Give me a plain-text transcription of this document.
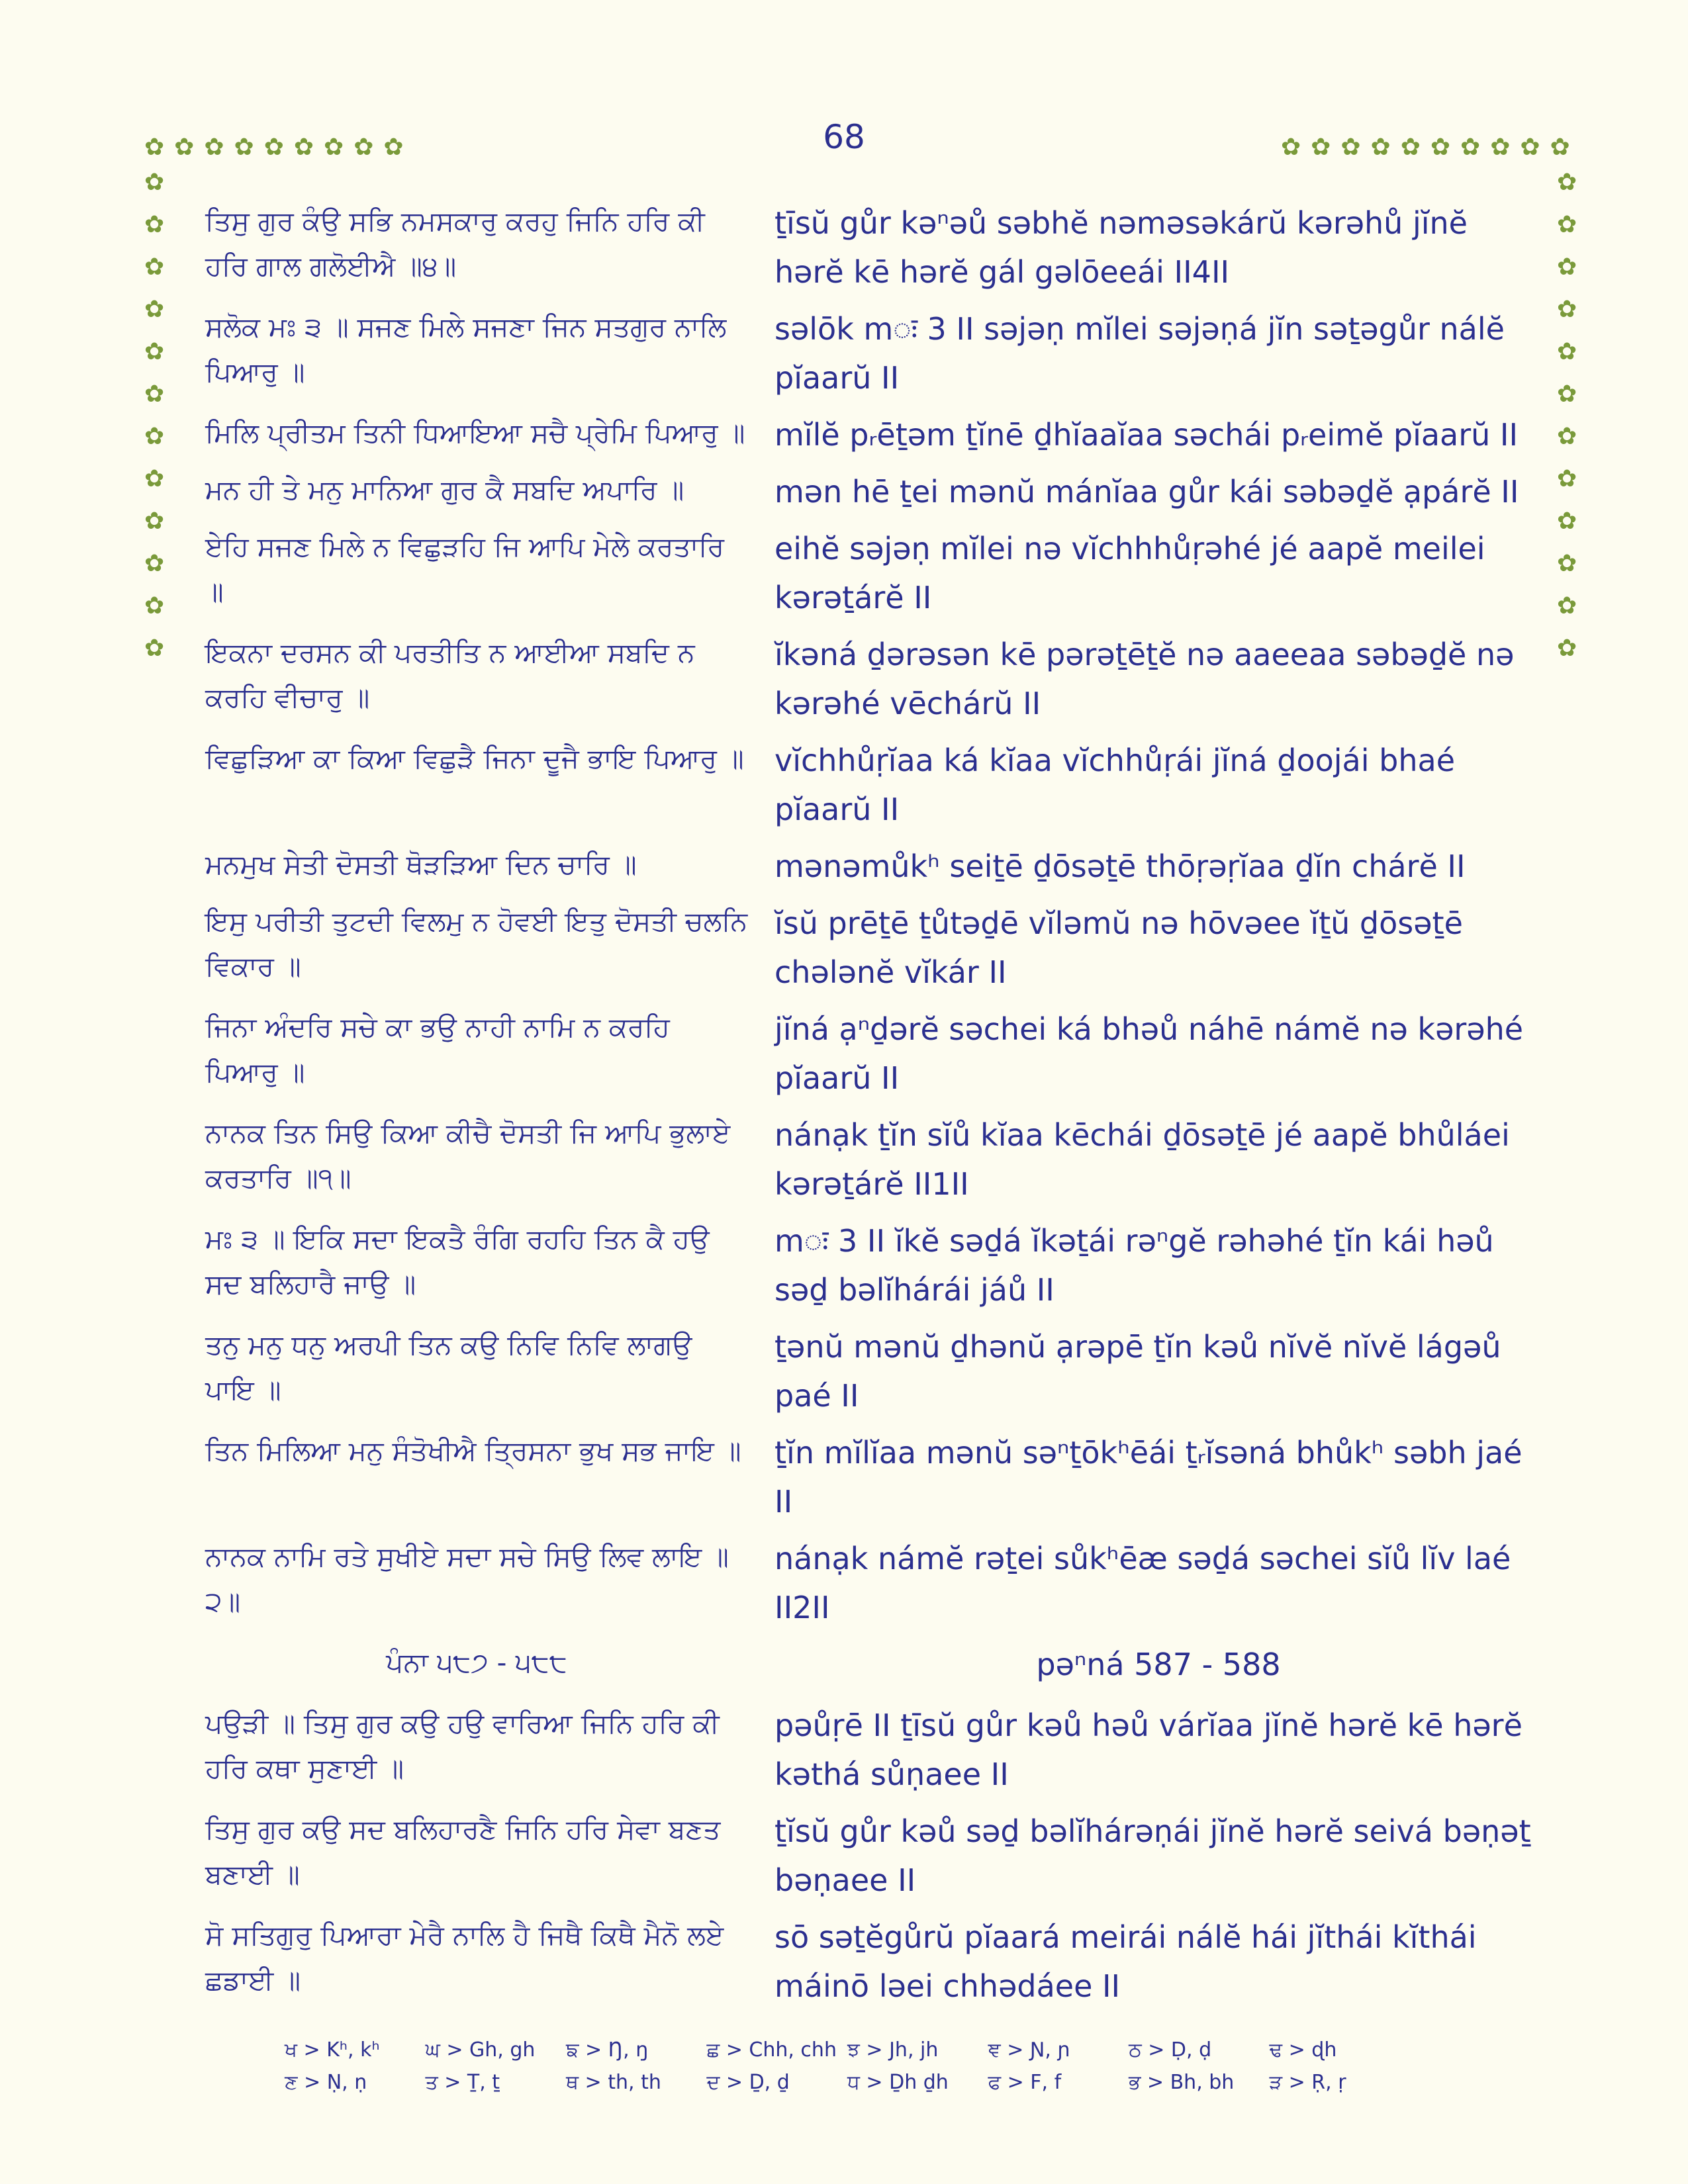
68
✿ ✿ ✿ ✿ ✿ ✿ ✿ ✿ ✿	✿ ✿ ✿ ✿ ✿ ✿ ✿ ✿ ✿ ✿
✿
✿
✿
✿
✿
✿
✿
✿
✿
✿
✿
✿
✿
✿
✿
✿
✿
✿
✿
✿
✿
✿
✿
✿
ਤਿਸੁ ਗੁਰ ਕੰਉ ਸਭਿ ਨਮਸਕਾਰੁ ਕਰਹੁ ਜਿਨਿ ਹਰਿ ਕੀ ਹਰਿ ਗਾਲ ਗਲੋਈਐ ॥੪॥
ṯīsŭ gůr kəⁿəů səbhĕ nəməsəkárŭ kərəhů jĭnĕ hərĕ kē hərĕ gál gəlōeeái II4II
ਸਲੋਕ ਮਃ ੩ ॥ ਸਜਣ ਮਿਲੇ ਸਜਣਾ ਜਿਨ ਸਤਗੁਰ ਨਾਲਿ ਪਿਆਰੁ ॥
səlōk mः 3 II səjəṇ mĭlei səjəṇá jĭn səṯəgůr nálĕ pĭaarŭ II
ਮਿਲਿ ਪ੍ਰੀਤਮ ਤਿਨੀ ਧਿਆਇਆ ਸਚੈ ਪ੍ਰੇਮਿ ਪਿਆਰੁ ॥ mĭlĕ pᵣēṯəm ṯĭnē ḏhĭaaĭaa səchái pᵣeimĕ pĭaarŭ II
ਮਨ ਹੀ ਤੇ ਮਨੁ ਮਾਨਿਆ ਗੁਰ ਕੈ ਸਬਦਿ ਅਪਾਰਿ ॥	mən hē ṯei mənŭ mánĭaa gůr kái səbəḏĕ ạpárĕ II
ਏਹਿ ਸਜਣ ਮਿਲੇ ਨ ਵਿਛੁੜਹਿ ਜਿ ਆਪਿ ਮੇਲੇ ਕਰਤਾਰਿ ॥
eihĕ səjəṇ mĭlei nə vĭchhhůṛəhé jé aapĕ meilei kərəṯárĕ II
ਇਕਨਾ ਦਰਸਨ ਕੀ ਪਰਤੀਤਿ ਨ ਆਈਆ ਸਬਦਿ ਨ ਕਰਹਿ ਵੀਚਾਰੁ ॥
ĭkəná ḏərəsən kē pərəṯēṯĕ nə aaeeaa səbəḏĕ nə kərəhé vēchárŭ II
ਵਿਛੁੜਿਆ ਕਾ ਕਿਆ ਵਿਛੁੜੈ ਜਿਨਾ ਦੂਜੈ ਭਾਇ ਪਿਆਰੁ ॥	vĭchhůṛĭaa ká kĭaa vĭchhůṛái jĭná ḏoojái bhaé pĭaarŭ II
ਮਨਮੁਖ ਸੇਤੀ ਦੋਸਤੀ ਥੋੜੜਿਆ ਦਿਨ ਚਾਰਿ ॥	mənəmůkʰ seiṯē ḏōsəṯē thōṛəṛĭaa ḏĭn chárĕ II
ਇਸੁ ਪਰੀਤੀ ਤੁਟਦੀ ਵਿਲਮੁ ਨ ਹੋਵਈ ਇਤੁ ਦੋਸਤੀ ਚਲਨਿ ਵਿਕਾਰ ॥
ĭsŭ prēṯē ṯůtəḏē vĭləmŭ nə hōvəee ĭṯŭ ḏōsəṯē chələnĕ vĭkár II
ਜਿਨਾ ਅੰਦਰਿ ਸਚੇ ਕਾ ਭਉ ਨਾਹੀ ਨਾਮਿ ਨ ਕਰਹਿ ਪਿਆਰੁ ॥
jĭná ạⁿḏərĕ səchei ká bhəů náhē námĕ nə kərəhé pĭaarŭ II
ਨਾਨਕ ਤਿਨ ਸਿਉ ਕਿਆ ਕੀਚੈ ਦੋਸਤੀ ਜਿ ਆਪਿ ਭੁਲਾਏ ਕਰਤਾਰਿ ॥੧॥
nánạk ṯĭn sĭů kĭaa kēchái ḏōsəṯē jé aapĕ bhůláei kərəṯárĕ II1II
ਮਃ ੩ ॥ ਇਕਿ ਸਦਾ ਇਕਤੈ ਰੰਗਿ ਰਹਹਿ ਤਿਨ ਕੈ ਹਉ ਸਦ ਬਲਿਹਾਰੈ ਜਾਉ ॥
mः 3 II ĭkĕ səḏá ĭkəṯái rəⁿgĕ rəhəhé ṯĭn kái həů səḏ bəlĭhárái jáů II
ਤਨੁ ਮਨੁ ਧਨੁ ਅਰਪੀ ਤਿਨ ਕਉ ਨਿਵਿ ਨਿਵਿ ਲਾਗਉ ਪਾਇ ॥
ṯənŭ mənŭ ḏhənŭ ạrəpē ṯĭn kəů nĭvĕ nĭvĕ lágəů paé II
ਤਿਨ ਮਿਲਿਆ ਮਨੁ ਸੰਤੋਖੀਐ ਤ੍ਰਿਸਨਾ ਭੁਖ ਸਭ ਜਾਇ ॥	ṯĭn mĭlĭaa mənŭ səⁿṯōkʰēái ṯᵣĭsəná bhůkʰ səbh jaé II
ਨਾਨਕ ਨਾਮਿ ਰਤੇ ਸੁਖੀਏ ਸਦਾ ਸਚੇ ਸਿਉ ਲਿਵ ਲਾਇ ॥੨॥
nánạk námĕ rəṯei sůkʰēæ səḏá səchei sĭů lĭv laé II2II
ਪੰਨਾ ੫੮੭ - ੫੮੮	pəⁿná 587 - 588
ਪਉੜੀ ॥ ਤਿਸੁ ਗੁਰ ਕਉ ਹਉ ਵਾਰਿਆ ਜਿਨਿ ਹਰਿ ਕੀ ਹਰਿ ਕਥਾ ਸੁਣਾਈ ॥
pəůṛē II ṯīsŭ gůr kəů həů várĭaa jĭnĕ hərĕ kē hərĕ kəthá sůṇaee II
ਤਿਸੁ ਗੁਰ ਕਉ ਸਦ ਬਲਿਹਾਰਣੈ ਜਿਨਿ ਹਰਿ ਸੇਵਾ ਬਣਤ ਬਣਾਈ ॥
ṯĭsŭ gůr kəů səḏ bəlĭhárəṇái jĭnĕ hərĕ seivá bəṇəṯ bəṇaee II
ਸੋ ਸਤਿਗੁਰੁ ਪਿਆਰਾ ਮੇਰੈ ਨਾਲਿ ਹੈ ਜਿਥੈ ਕਿਥੈ ਮੈਨੋ ਲਏ ਛਡਾਈ ॥
sō səṯĕgůrŭ pĭaará meirái nálĕ hái jĭthái kĭthái máinō ləei chhədáee II
ਖ > Kʰ, kʰ	ਘ > Gh, gh	ਙ > Ŋ, ŋ	ਛ > Chh, chh ਝ > Jh, jh	ਞ > Ɲ, ɲ	ਠ > Ḍ, ḍ	ਢ > ɖh
ਣ > Ṇ, ṇ	ਤ > Ṯ, ṯ	ਥ > th, th	ਦ > Ḏ, ḏ	ਧ > Ḏh ḏh	ਫ > F, f	ਭ > Bh, bh	ੜ > Ṛ, ṛ
